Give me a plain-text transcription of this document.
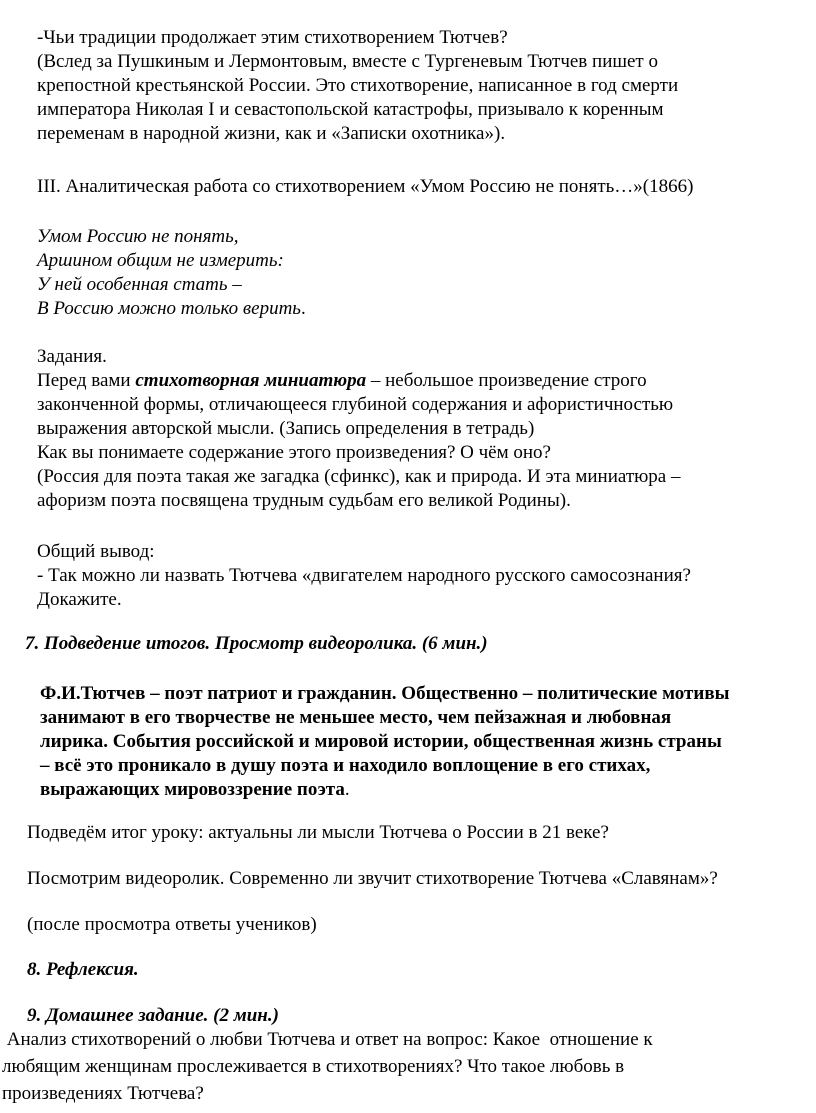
-Чьи традиции продолжает этим стихотворением Тютчев?
(Вслед за Пушкиным и Лермонтовым, вместе с Тургеневым Тютчев пишет о
крепостной крестьянской России. Это стихотворение, написанное в год смерти
императора Николая I и севастопольской катастрофы, призывало к коренным
переменам в народной жизни, как и «Записки охотника»).
III. Аналитическая работа со стихотворением «Умом Россию не понять…»(1866)
Умом Россию не понять,
Аршином общим не измерить:
У ней особенная стать –
В Россию можно только верить.
Задания.
Перед вами стихотворная миниатюра – небольшое произведение строго
законченной формы, отличающееся глубиной содержания и афористичностью
выражения авторской мысли. (Запись определения в тетрадь)
Как вы понимаете содержание этого произведения? О чём оно?
(Россия для поэта такая же загадка (сфинкс), как и природа. И эта миниатюра –
афоризм поэта посвящена трудным судьбам его великой Родины).
Общий вывод:
- Так можно ли назвать Тютчева «двигателем народного русского самосознания?
Докажите.
7. Подведение итогов. Просмотр видеоролика. (6 мин.)
Ф.И.Тютчев – поэт патриот и гражданин. Общественно – политические мотивы
занимают в его творчестве не меньшее место, чем пейзажная и любовная
лирика. События российской и мировой истории, общественная жизнь страны
– всё это проникало в душу поэта и находило воплощение в его стихах,
выражающих мировоззрение поэта.
Подведём итог уроку: актуальны ли мысли Тютчева о России в 21 веке?
Посмотрим видеоролик. Современно ли звучит стихотворение Тютчева «Славянам»?
(после просмотра ответы учеников)
8. Рефлексия.
9. Домашнее задание. (2 мин.)
Анализ стихотворений о любви Тютчева и ответ на вопрос: Какое  отношение к
любящим женщинам прослеживается в стихотворениях? Что такое любовь в
произведениях Тютчева?
